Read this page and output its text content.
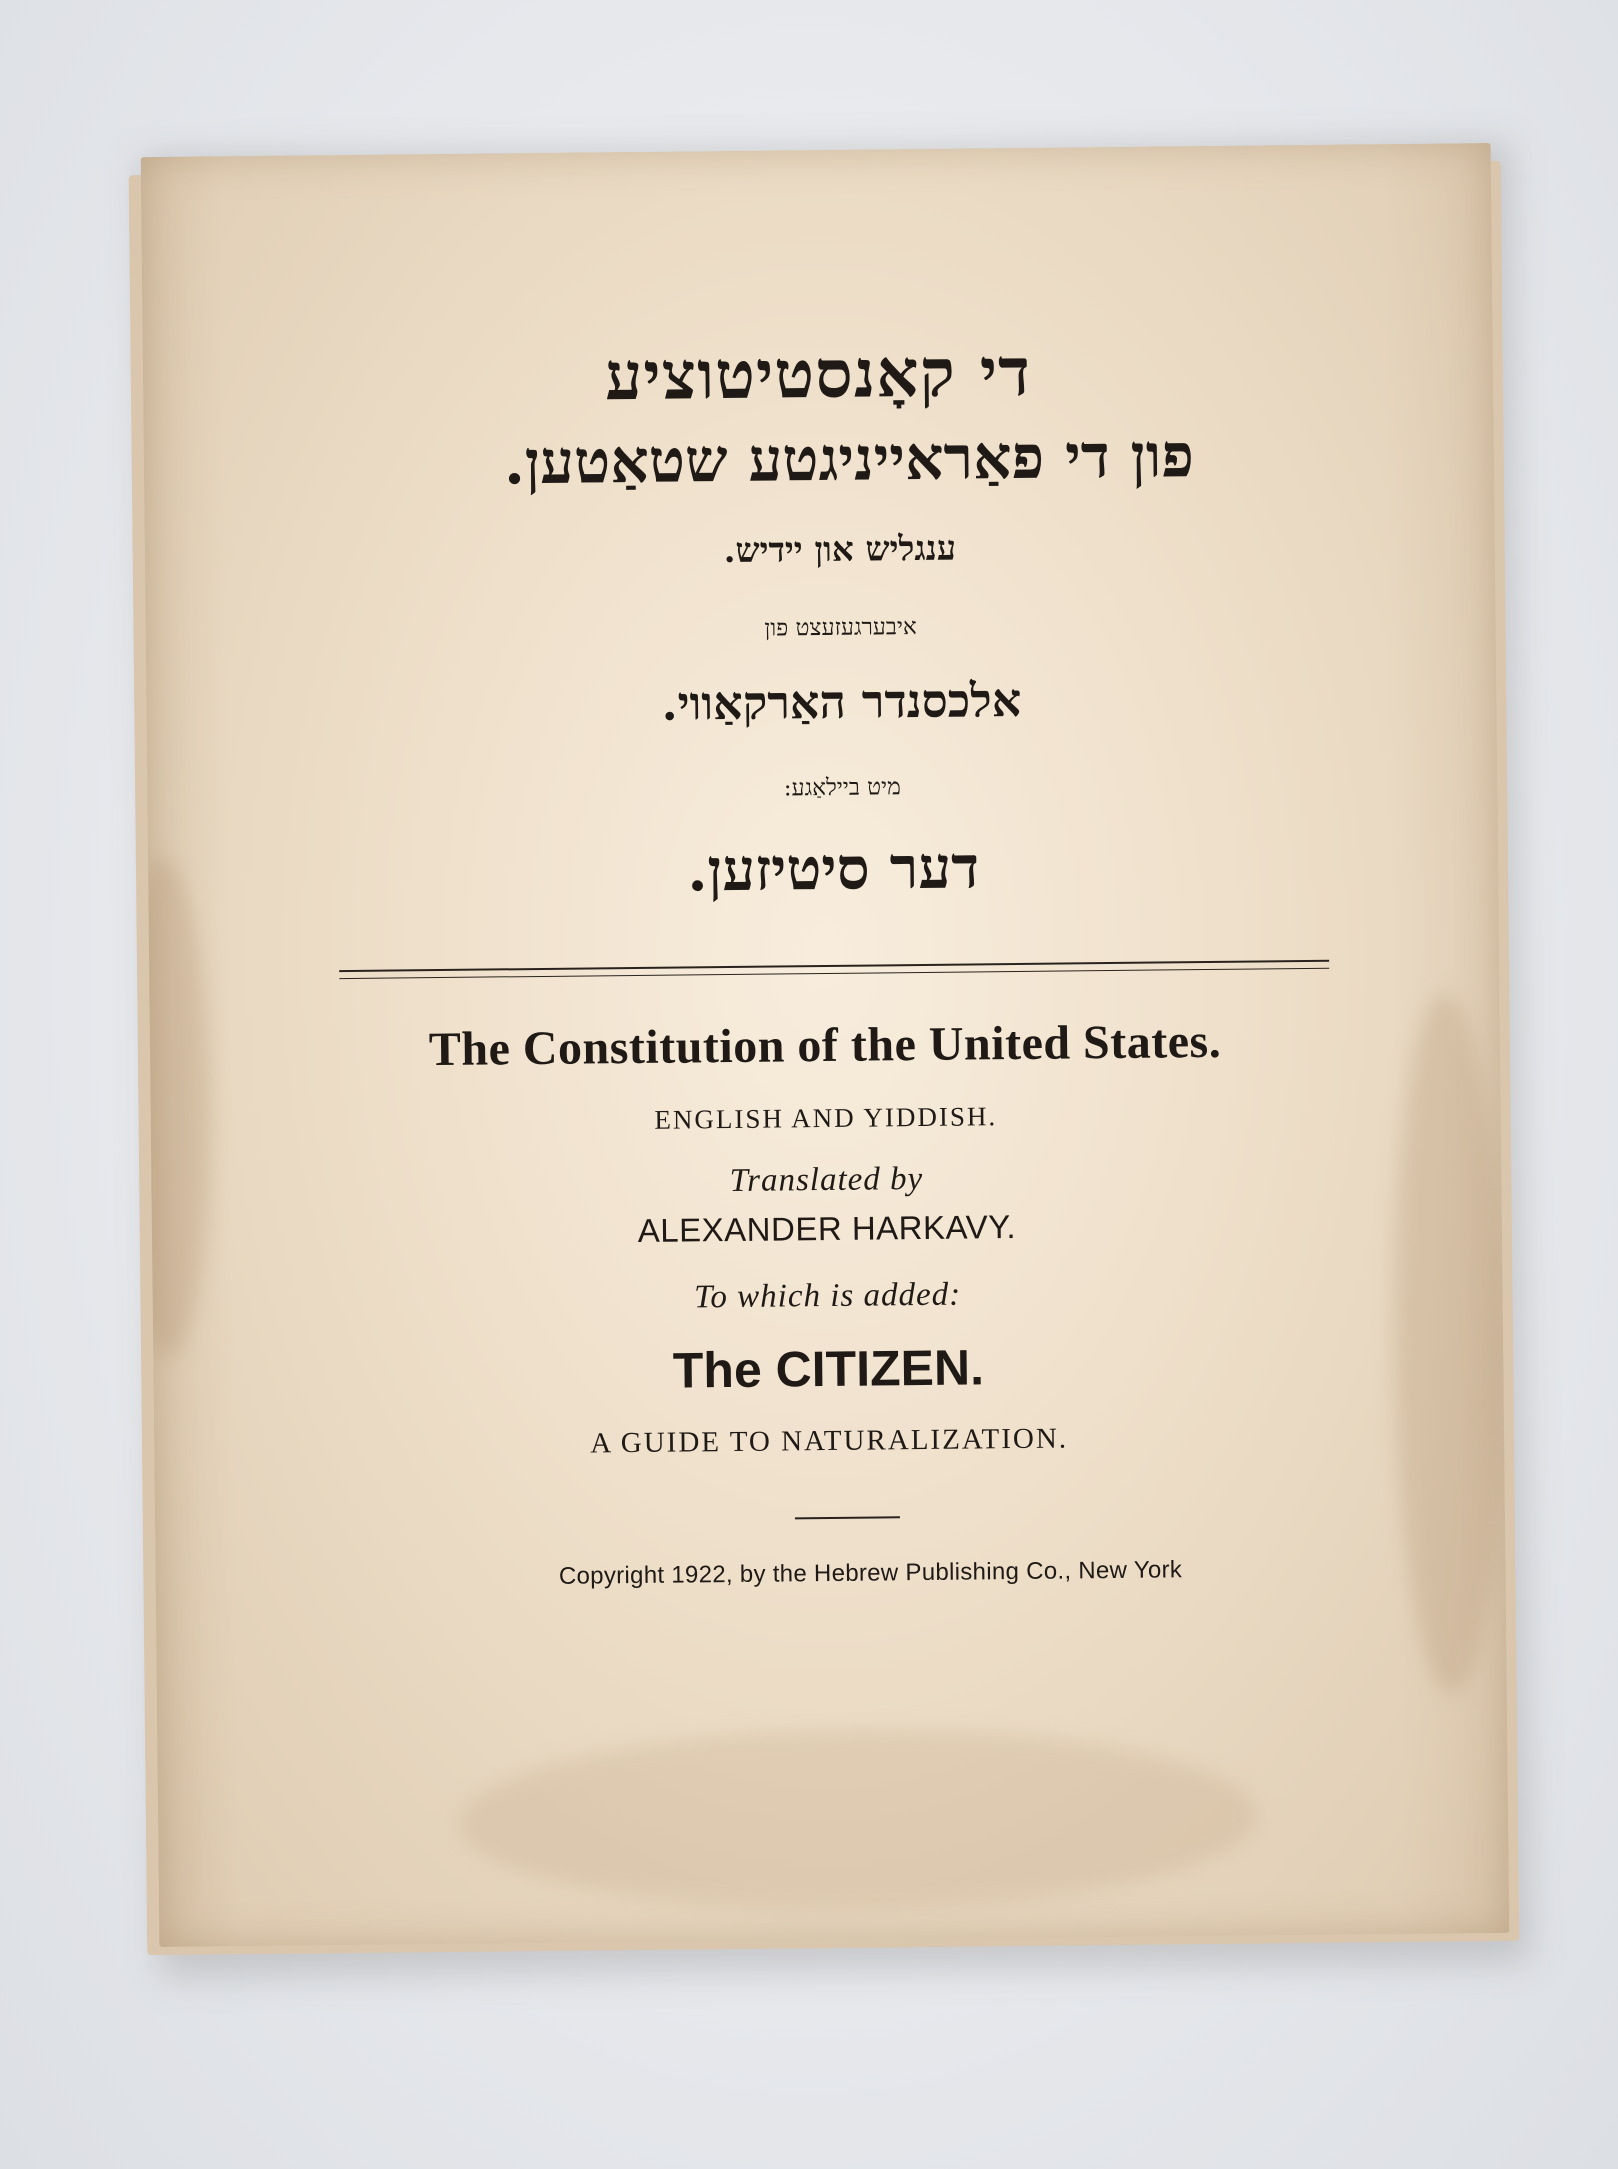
די קאָנסטיטוציע
פון די פאַראייניגטע שטאַטען.
ענגליש און יידיש.
איבערגעזעצט פון
אלכסנדר האַרקאַווי.
מיט ביילאַגע:
דער סיטיזען.
The Constitution of the United States.
ENGLISH AND YIDDISH.
Translated by
ALEXANDER HARKAVY.
To which is added:
The CITIZEN.
A GUIDE TO NATURALIZATION.
Copyright 1922, by the Hebrew Publishing Co., New York
